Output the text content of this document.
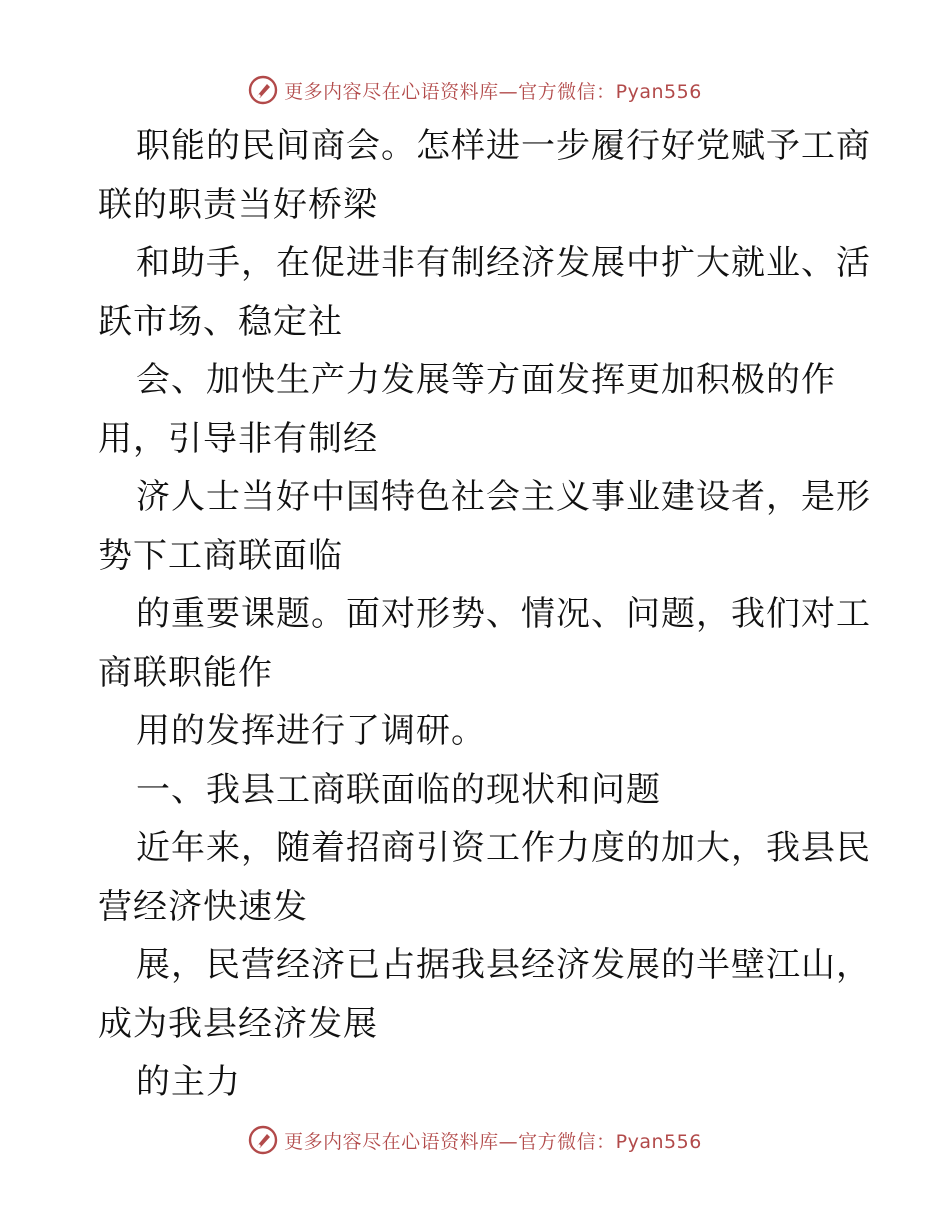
更多内容尽在心语资料库—官方微信：Pyan556
职能的民间商会。怎样进一步履行好党赋予工商
联的职责当好桥梁
和助手，在促进非有制经济发展中扩大就业、活
跃市场、稳定社
会、加快生产力发展等方面发挥更加积极的作
用，引导非有制经
济人士当好中国特色社会主义事业建设者，是形
势下工商联面临
的重要课题。面对形势、情况、问题，我们对工
商联职能作
用的发挥进行了调研。
一、我县工商联面临的现状和问题
近年来，随着招商引资工作力度的加大，我县民
营经济快速发
展，民营经济已占据我县经济发展的半壁江山，
成为我县经济发展
的主力
更多内容尽在心语资料库—官方微信：Pyan556
